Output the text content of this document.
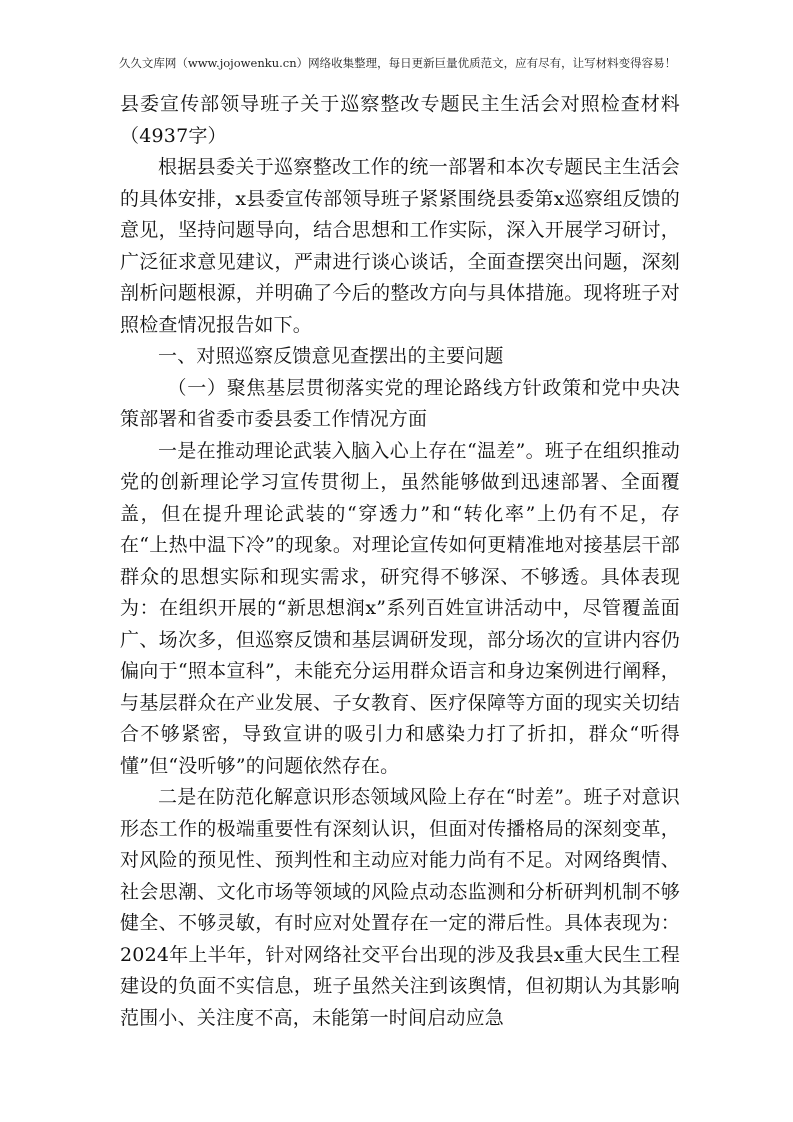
久久文库网（www.jojowenku.cn）网络收集整理，每日更新巨量优质范文，应有尽有，让写材料变得容易！

县委宣传部领导班子关于巡察整改专题民主生活会对照检查材料（4937字）

根据县委关于巡察整改工作的统一部署和本次专题民主生活会的具体安排，x县委宣传部领导班子紧紧围绕县委第x巡察组反馈的意见，坚持问题导向，结合思想和工作实际，深入开展学习研讨，广泛征求意见建议，严肃进行谈心谈话，全面查摆突出问题，深刻剖析问题根源，并明确了今后的整改方向与具体措施。现将班子对照检查情况报告如下。

一、对照巡察反馈意见查摆出的主要问题

（一）聚焦基层贯彻落实党的理论路线方针政策和党中央决策部署和省委市委县委工作情况方面

一是在推动理论武装入脑入心上存在“温差”。班子在组织推动党的创新理论学习宣传贯彻上，虽然能够做到迅速部署、全面覆盖，但在提升理论武装的“穿透力”和“转化率”上仍有不足，存在“上热中温下冷”的现象。对理论宣传如何更精准地对接基层干部群众的思想实际和现实需求，研究得不够深、不够透。具体表现为：在组织开展的“新思想润x”系列百姓宣讲活动中，尽管覆盖面广、场次多，但巡察反馈和基层调研发现，部分场次的宣讲内容仍偏向于“照本宣科”，未能充分运用群众语言和身边案例进行阐释，与基层群众在产业发展、子女教育、医疗保障等方面的现实关切结合不够紧密，导致宣讲的吸引力和感染力打了折扣，群众“听得懂”但“没听够”的问题依然存在。

二是在防范化解意识形态领域风险上存在“时差”。班子对意识形态工作的极端重要性有深刻认识，但面对传播格局的深刻变革，对风险的预见性、预判性和主动应对能力尚有不足。对网络舆情、社会思潮、文化市场等领域的风险点动态监测和分析研判机制不够健全、不够灵敏，有时应对处置存在一定的滞后性。具体表现为：2024年上半年，针对网络社交平台出现的涉及我县x重大民生工程建设的负面不实信息，班子虽然关注到该舆情，但初期认为其影响范围小、关注度不高，未能第一时间启动应急
